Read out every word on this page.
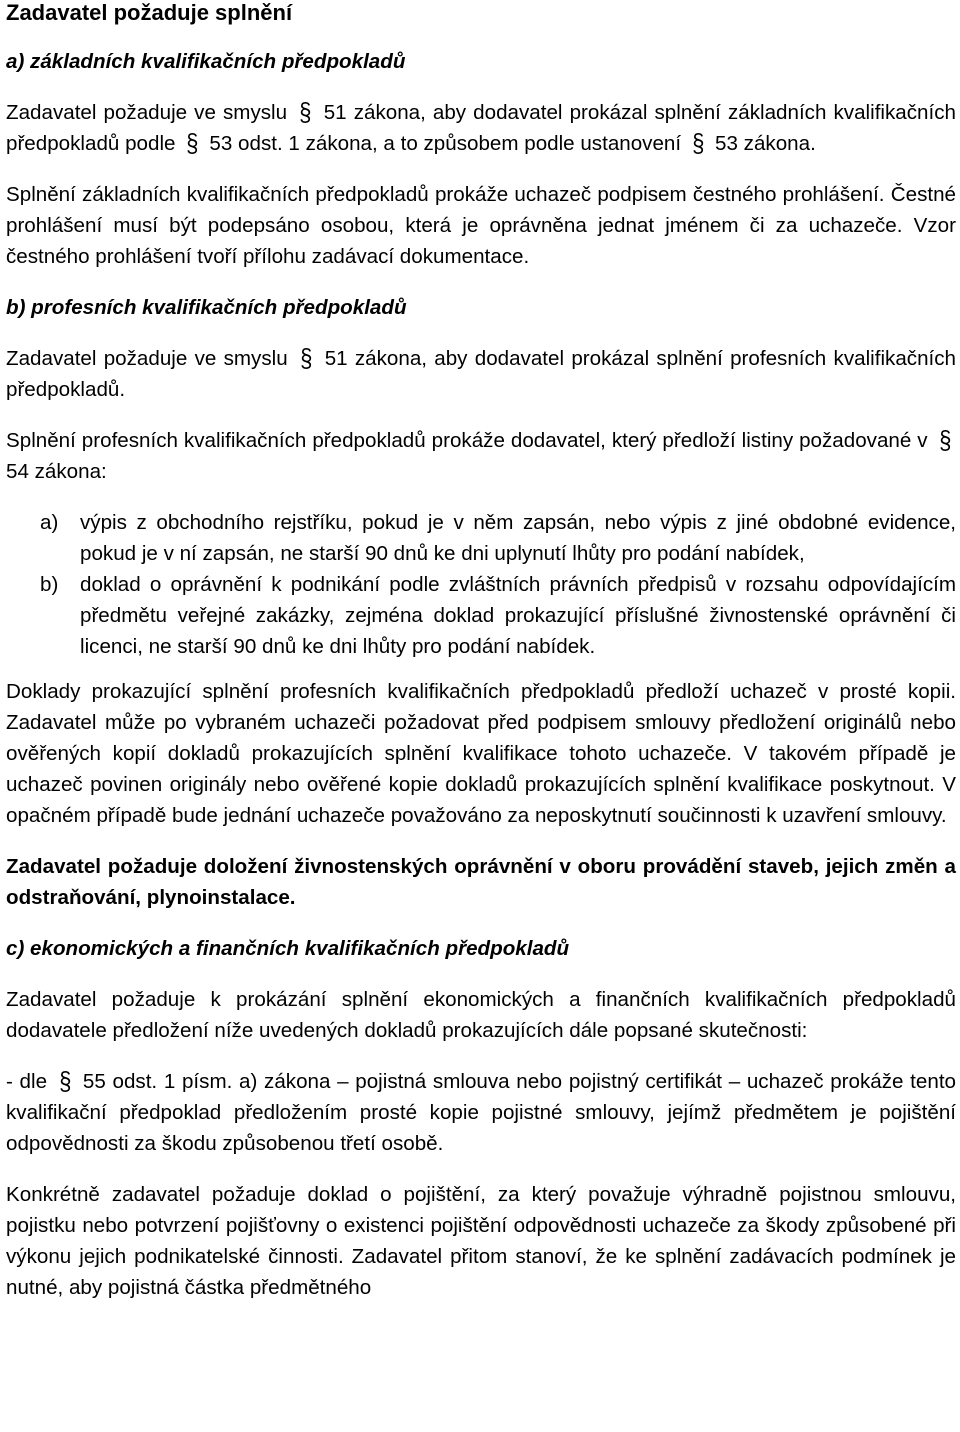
Zadavatel požaduje splnění
a) základních kvalifikačních předpokladů

Zadavatel požaduje ve smyslu § 51 zákona, aby dodavatel prokázal splnění základních kvalifikačních předpokladů podle § 53 odst. 1 zákona, a to způsobem podle ustanovení § 53 zákona.

Splnění základních kvalifikačních předpokladů prokáže uchazeč podpisem čestného prohlášení. Čestné prohlášení musí být podepsáno osobou, která je oprávněna jednat jménem či za uchazeče. Vzor čestného prohlášení tvoří přílohu zadávací dokumentace.

b) profesních kvalifikačních předpokladů

Zadavatel požaduje ve smyslu § 51 zákona, aby dodavatel prokázal splnění profesních kvalifikačních předpokladů.

Splnění profesních kvalifikačních předpokladů prokáže dodavatel, který předloží listiny požadované v § 54 zákona:

a) výpis z obchodního rejstříku, pokud je v něm zapsán, nebo výpis z jiné obdobné evidence, pokud je v ní zapsán, ne starší 90 dnů ke dni uplynutí lhůty pro podání nabídek,
b) doklad o oprávnění k podnikání podle zvláštních právních předpisů v rozsahu odpovídajícím předmětu veřejné zakázky, zejména doklad prokazující příslušné živnostenské oprávnění či licenci, ne starší 90 dnů ke dni lhůty pro podání nabídek.

Doklady prokazující splnění profesních kvalifikačních předpokladů předloží uchazeč v prosté kopii. Zadavatel může po vybraném uchazeči požadovat před podpisem smlouvy předložení originálů nebo ověřených kopií dokladů prokazujících splnění kvalifikace tohoto uchazeče. V takovém případě je uchazeč povinen originály nebo ověřené kopie dokladů prokazujících splnění kvalifikace poskytnout. V opačném případě bude jednání uchazeče považováno za neposkytnutí součinnosti k uzavření smlouvy.

Zadavatel požaduje doložení živnostenských oprávnění v oboru provádění staveb, jejich změn a odstraňování, plynoinstalace.

c) ekonomických a finančních kvalifikačních předpokladů

Zadavatel požaduje k prokázání splnění ekonomických a finančních kvalifikačních předpokladů dodavatele předložení níže uvedených dokladů prokazujících dále popsané skutečnosti:

- dle § 55 odst. 1 písm. a) zákona – pojistná smlouva nebo pojistný certifikát – uchazeč prokáže tento kvalifikační předpoklad předložením prosté kopie pojistné smlouvy, jejímž předmětem je pojištění odpovědnosti za škodu způsobenou třetí osobě.

Konkrétně zadavatel požaduje doklad o pojištění, za který považuje výhradně pojistnou smlouvu, pojistku nebo potvrzení pojišťovny o existenci pojištění odpovědnosti uchazeče za škody způsobené při výkonu jejich podnikatelské činnosti. Zadavatel přitom stanoví, že ke splnění zadávacích podmínek je nutné, aby pojistná částka předmětného
